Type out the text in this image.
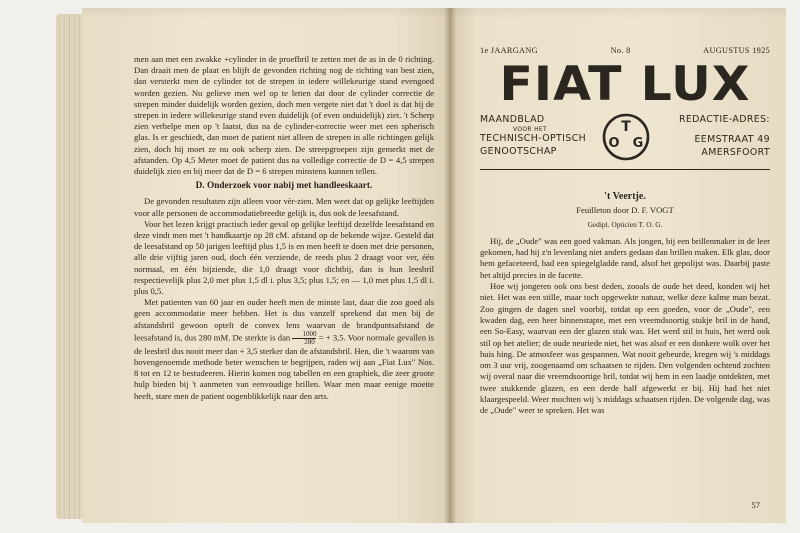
men aan met een zwakke +cylinder in de proefbril te zetten met de as in de 0 richting. Dan draait men de plaat en blijft de gevonden richting nog de richting van best zien, dan versterkt men de cylinder tot de strepen in iedere willekeurige stand evengoed worden gezien. Nu gelieve men wel op te letten dat door de cylinder correctie de strepen minder duidelijk worden gezien, doch men vergete niet dat 't doel is dat hij de strepen in iedere willekeurige stand even duidelijk (of even onduidelijk) ziet. 't Scherp zien verhelpe men op 't laatst, dus na de cylinder-correctie weer met een spherisch glas. Is er geschiedt, dan moet de patient niet alleen de strepen in alle richtingen gelijk zien, doch hij moet ze nu ook scherp zien. De streepgroepen zijn gemerkt met de afstanden. Op 4,5 Meter moet de patient dus na volledige correctie de D = 4,5 strepen duidelijk zien en bij meer dat de D = 6 strepen minstens kunnen tellen.

D. Onderzoek voor nabij met handleeskaart.

De gevonden resultaten zijn alleen voor vèr-zien. Men weet dat op gelijke leeftijden voor alle personen de accommodatiebreedte gelijk is, dus ook de leesafstand.

Voor het lezen krijgt practisch ieder geval op gelijke leeftijd dezelfde leesafstand en deze vindt men met 't handkaartje op 28 cM. afstand op de bekende wijze. Gesteld dat de leesafstand op 50 jarigen leeftijd plus 1,5 is en men heeft te doen met drie personen, alle drie vijftig jaren oud, doch één verziende, de reeds plus 2 draagt voor ver, één normaal, en één bijziende, die 1,0 draagt voor dichtbij, dan is hun leesbril respectievelijk plus 2,0 met plus 1,5 dl i. plus 3,5; plus 1,5; en — 1,0 met plus 1,5 dl i. plus 0,5.

Met patienten van 60 jaar en ouder heeft men de minste last, daar die zoo goed als geen accommodatie meer hebben. Het is dus vanzelf sprekend dat men bij de afstandsbril gewoon optelt de convex lens waarvan de brandpuntsafstand de leesafstand is, dus 280 mM. De sterkte is dan $\frac{1000}{280}$ = + 3,5. Voor normale gevallen is de leesbril dus nooit meer dan + 3,5 sterker dan de afstandsbril. Hen, die 't waarom van bovengenoemde methode beter wenschen te begrijpen, raden wij aan „Fiat Lux" Nos. 8 tot en 12 te bestudeeren. Hierin komen nog tabellen en een graphiek, die zeer groote hulp bieden bij 't aanmeten van eenvoudige brillen. Waar men maar eenige moeite heeft, stare men de patient oogenblikkelijk naar den arts.

1e JAARGANG	No. 8	AUGUSTUS 1925
FIAT LUX
MAANDBLAD
VOOR HET
TECHNISCH-OPTISCH
GENOOTSCHAP
T
O G
REDACTIE-ADRES:
EEMSTRAAT 49
AMERSFOORT
't Veertje.
Feuilleton door D. F. VOGT
Gedipl. Opticien T. O. G.

Hij, de „Oude" was een goed vakman. Als jongen, bij een brillenmaker in de leer gekomen, had hij z'n levenlang niet anders gedaan dan brillen maken. Elk glas, door hem gefaceteerd, had een spiegelgladde rand, alsof het gepolijst was. Daarbij paste het altijd precies in de facette.

Hoe wij jongeren ook ons best deden, zooals de oude het deed, konden wij het niet. Het was een stille, maar toch opgewekte natuur, welke deze kalme man bezat. Zoo gingen de dagen snel voorbij, totdat op een goeden, voor de „Oude", een kwaden dag, een heer binnenstapte, met een vreemdsoortig stukje bril in de hand, een So-Easy, waarvan een der glazen stuk was. Het werd stil in huis, het werd ook stil op het atelier; de oude neuriede niet, het was alsof er een donkere wolk over het huis hing. De atmosfeer was gespannen. Wat nooit gebeurde, kregen wij 's middags om 3 uur vrij, zoogenaamd om schaatsen te rijden. Den volgenden ochtend zochten wij overal naar die vreemdsoortige bril, totdat wij hem in een laadje ontdekten, met twee stukkende glazen, en een derde half afgewerkt er bij. Hij had het niet klaargespeeld. Weer mochten wij 's middags schaatsen rijden. De volgende dag, was de „Oude" weer te spreken. Het was

57
